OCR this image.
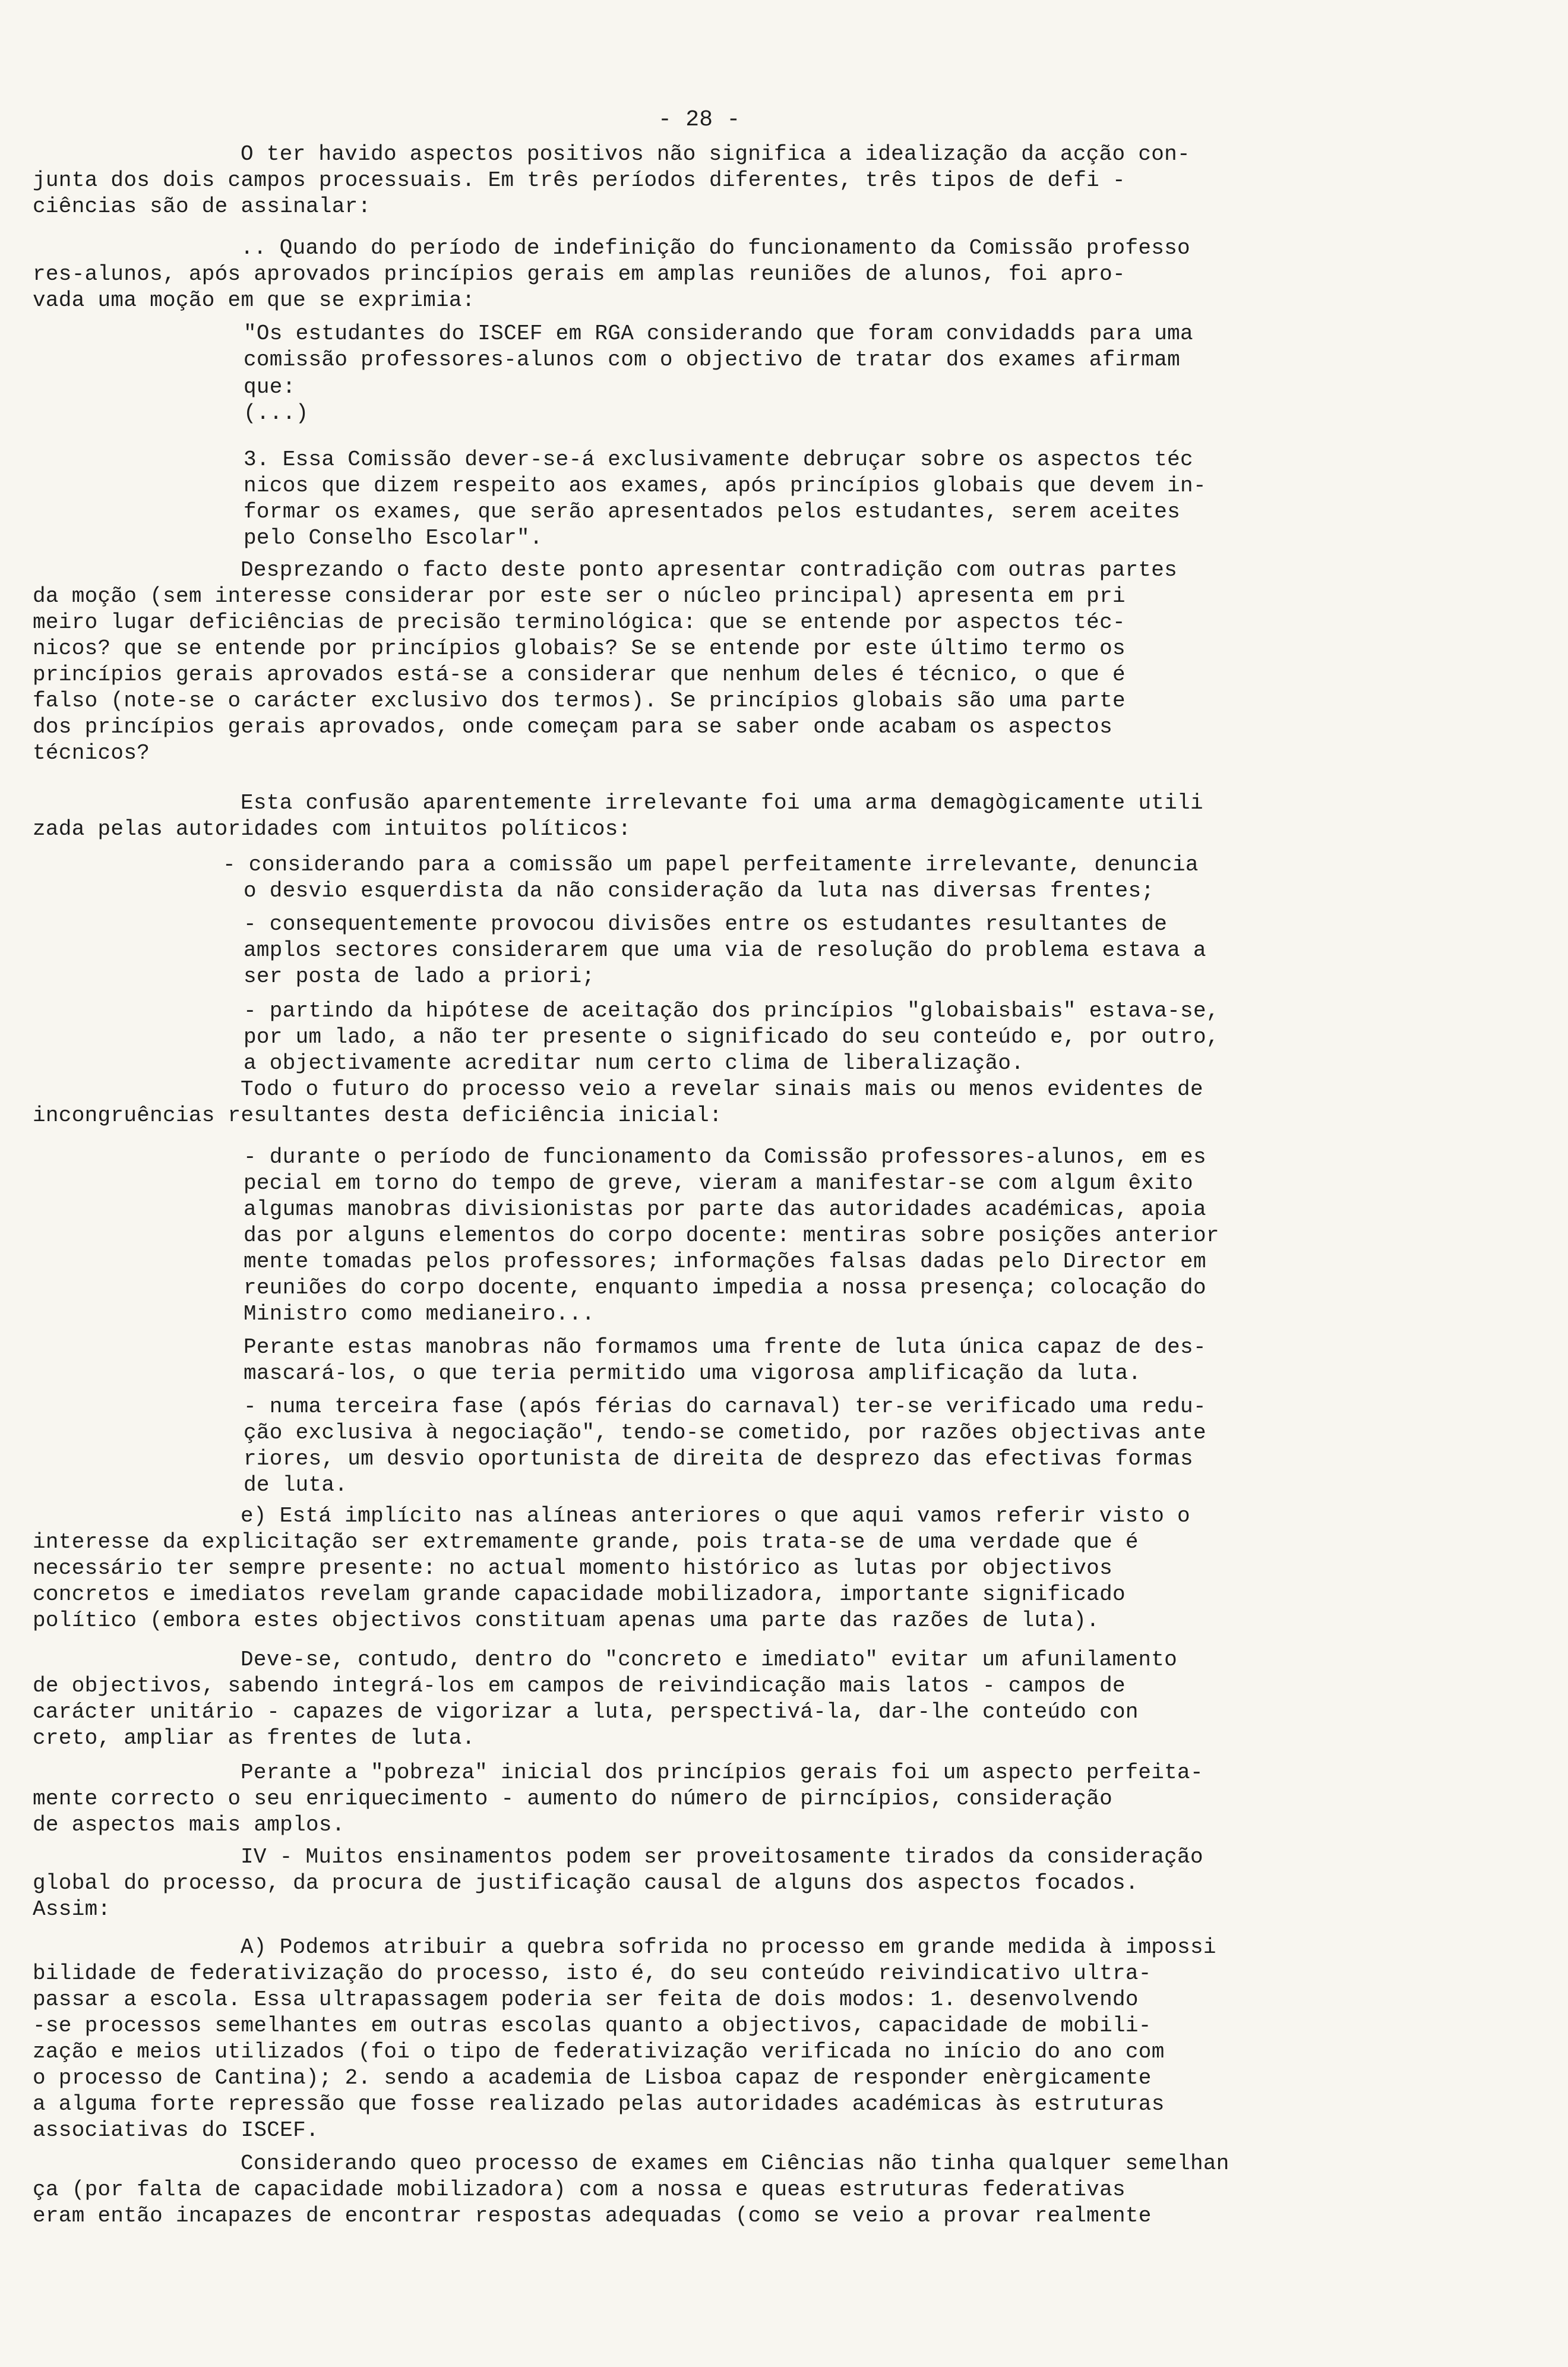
- 28 -
O ter havido aspectos positivos não significa a idealização da acção con-
junta dos dois campos processuais. Em três períodos diferentes, três tipos de defi -
ciências são de assinalar:
.. Quando do período de indefinição do funcionamento da Comissão professo
res-alunos, após aprovados princípios gerais em amplas reuniões de alunos, foi apro-
vada uma moção em que se exprimia:
"Os estudantes do ISCEF em RGA considerando que foram convidadds para uma
comissão professores-alunos com o objectivo de tratar dos exames afirmam
que:
(...)
3. Essa Comissão dever-se-á exclusivamente debruçar sobre os aspectos téc
nicos que dizem respeito aos exames, após princípios globais que devem in-
formar os exames, que serão apresentados pelos estudantes, serem aceites
pelo Conselho Escolar".
Desprezando o facto deste ponto apresentar contradição com outras partes
da moção (sem interesse considerar por este ser o núcleo principal) apresenta em pri
meiro lugar deficiências de precisão terminológica: que se entende por aspectos téc-
nicos? que se entende por princípios globais? Se se entende por este último termo os
princípios gerais aprovados está-se a considerar que nenhum deles é técnico, o que é
falso (note-se o carácter exclusivo dos termos). Se princípios globais são uma parte
dos princípios gerais aprovados, onde começam para se saber onde acabam os aspectos
técnicos?
Esta confusão aparentemente irrelevante foi uma arma demagògicamente utili
zada pelas autoridades com intuitos políticos:
- considerando para a comissão um papel perfeitamente irrelevante, denuncia
o desvio esquerdista da não consideração da luta nas diversas frentes;
- consequentemente provocou divisões entre os estudantes resultantes de
amplos sectores considerarem que uma via de resolução do problema estava a
ser posta de lado a priori;
- partindo da hipótese de aceitação dos princípios "globaisbais" estava-se,
por um lado, a não ter presente o significado do seu conteúdo e, por outro,
a objectivamente acreditar num certo clima de liberalização.
Todo o futuro do processo veio a revelar sinais mais ou menos evidentes de
incongruências resultantes desta deficiência inicial:
- durante o período de funcionamento da Comissão professores-alunos, em es
pecial em torno do tempo de greve, vieram a manifestar-se com algum êxito
algumas manobras divisionistas por parte das autoridades académicas, apoia
das por alguns elementos do corpo docente: mentiras sobre posições anterior
mente tomadas pelos professores; informações falsas dadas pelo Director em
reuniões do corpo docente, enquanto impedia a nossa presença; colocação do
Ministro como medianeiro...
Perante estas manobras não formamos uma frente de luta única capaz de des-
mascará-los, o que teria permitido uma vigorosa amplificação da luta.
- numa terceira fase (após férias do carnaval) ter-se verificado uma redu-
ção exclusiva à negociação", tendo-se cometido, por razões objectivas ante
riores, um desvio oportunista de direita de desprezo das efectivas formas
de luta.
e) Está implícito nas alíneas anteriores o que aqui vamos referir visto o
interesse da explicitação ser extremamente grande, pois trata-se de uma verdade que é
necessário ter sempre presente: no actual momento histórico as lutas por objectivos
concretos e imediatos revelam grande capacidade mobilizadora, importante significado
político (embora estes objectivos constituam apenas uma parte das razões de luta).
Deve-se, contudo, dentro do "concreto e imediato" evitar um afunilamento
de objectivos, sabendo integrá-los em campos de reivindicação mais latos - campos de
carácter unitário - capazes de vigorizar a luta, perspectivá-la, dar-lhe conteúdo con
creto, ampliar as frentes de luta.
Perante a "pobreza" inicial dos princípios gerais foi um aspecto perfeita-
mente correcto o seu enriquecimento - aumento do número de pirncípios, consideração
de aspectos mais amplos.
IV - Muitos ensinamentos podem ser proveitosamente tirados da consideração
global do processo, da procura de justificação causal de alguns dos aspectos focados.
Assim:
A) Podemos atribuir a quebra sofrida no processo em grande medida à impossi
bilidade de federativização do processo, isto é, do seu conteúdo reivindicativo ultra-
passar a escola. Essa ultrapassagem poderia ser feita de dois modos: 1. desenvolvendo
-se processos semelhantes em outras escolas quanto a objectivos, capacidade de mobili-
zação e meios utilizados (foi o tipo de federativização verificada no início do ano com
o processo de Cantina); 2. sendo a academia de Lisboa capaz de responder enèrgicamente
a alguma forte repressão que fosse realizado pelas autoridades académicas às estruturas
associativas do ISCEF.
Considerando queo processo de exames em Ciências não tinha qualquer semelhan
ça (por falta de capacidade mobilizadora) com a nossa e queas estruturas federativas
eram então incapazes de encontrar respostas adequadas (como se veio a provar realmente
